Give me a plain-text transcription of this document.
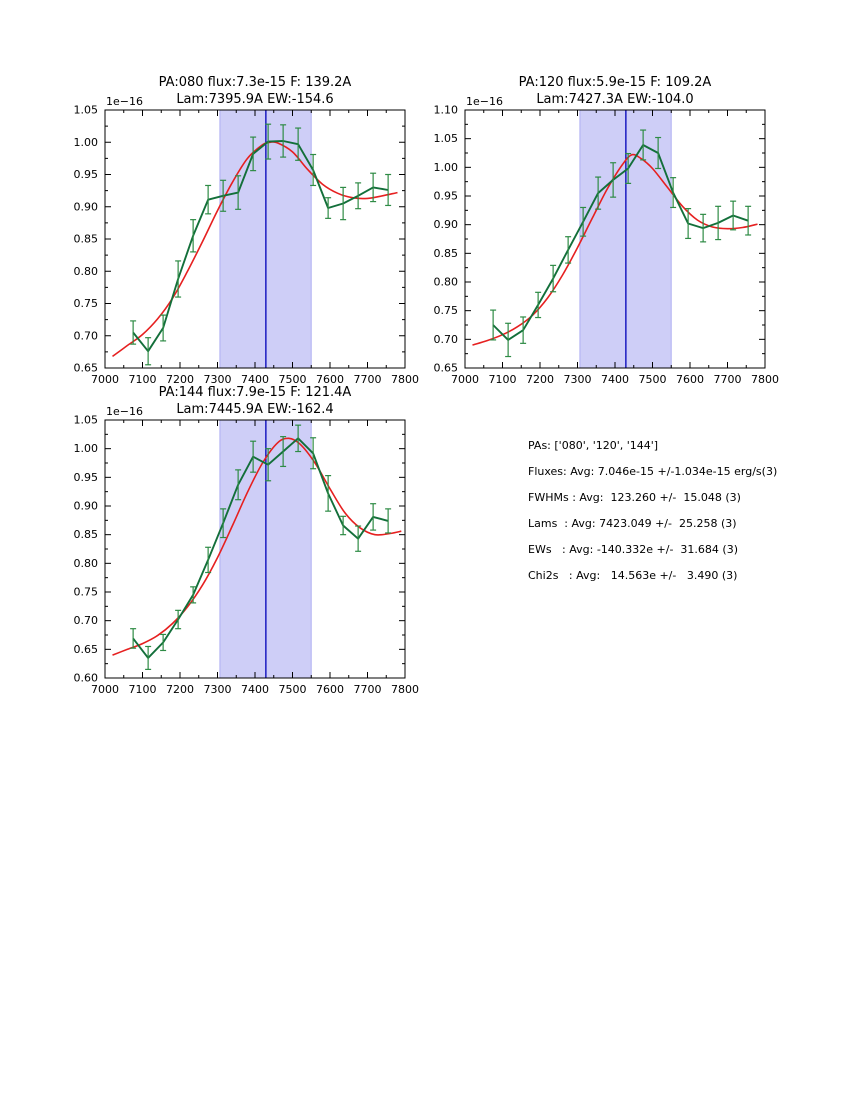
7000 7100 7200 7300 7400 7500 7600 7700 7800
0.65
0.70
0.75
0.80
0.85
0.90
0.95
1.00
1.05
1e−16
PA:080 flux:7.3e-15 F: 139.2A
Lam:7395.9A EW:-154.6
7000 7100 7200 7300 7400 7500 7600 7700 7800
0.65
0.70
0.75
0.80
0.85
0.90
0.95
1.00
1.05
1.10
1e−16
PA:120 flux:5.9e-15 F: 109.2A
Lam:7427.3A EW:-104.0
7000 7100 7200 7300 7400 7500 7600 7700 7800
0.60
0.65
0.70
0.75
0.80
0.85
0.90
0.95
1.00
1.05
1e−16
PA:144 flux:7.9e-15 F: 121.4A
Lam:7445.9A EW:-162.4
PAs: ['080', '120', '144']
Fluxes: Avg: 7.046e-15 +/-1.034e-15 erg/s(3)
FWHMs : Avg:  123.260 +/-  15.048 (3)
Lams  : Avg: 7423.049 +/-  25.258 (3)
EWs   : Avg: -140.332e +/-  31.684 (3)
Chi2s   : Avg:   14.563e +/-   3.490 (3)
